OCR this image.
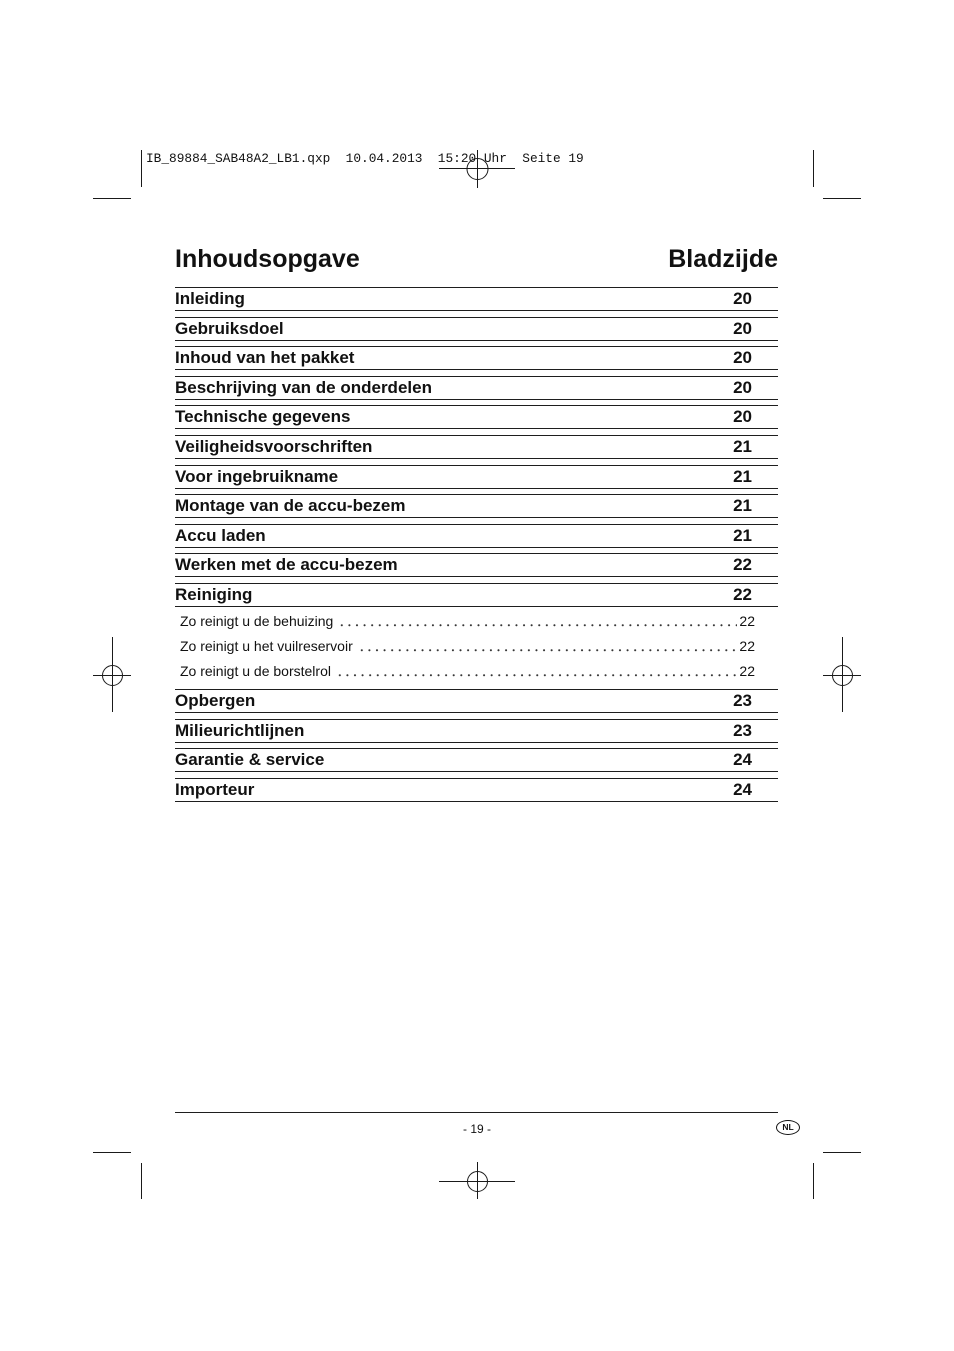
IB_89884_SAB48A2_LB1.qxp 10.04.2013 15:20 Uhr Seite 19
Inhoudsopgave	Bladzijde
Inleiding	20
Gebruiksdoel	20
Inhoud van het pakket	20
Beschrijving van de onderdelen	20
Technische gegevens	20
Veiligheidsvoorschriften	21
Voor ingebruikname	21
Montage van de accu-bezem	21
Accu laden	21
Werken met de accu-bezem	22
Reiniging	22
Zo reinigt u de behuizing	22
Zo reinigt u het vuilreservoir	22
Zo reinigt u de borstelrol	22
Opbergen	23
Milieurichtlijnen	23
Garantie & service	24
Importeur	24
- 19 -	NL
